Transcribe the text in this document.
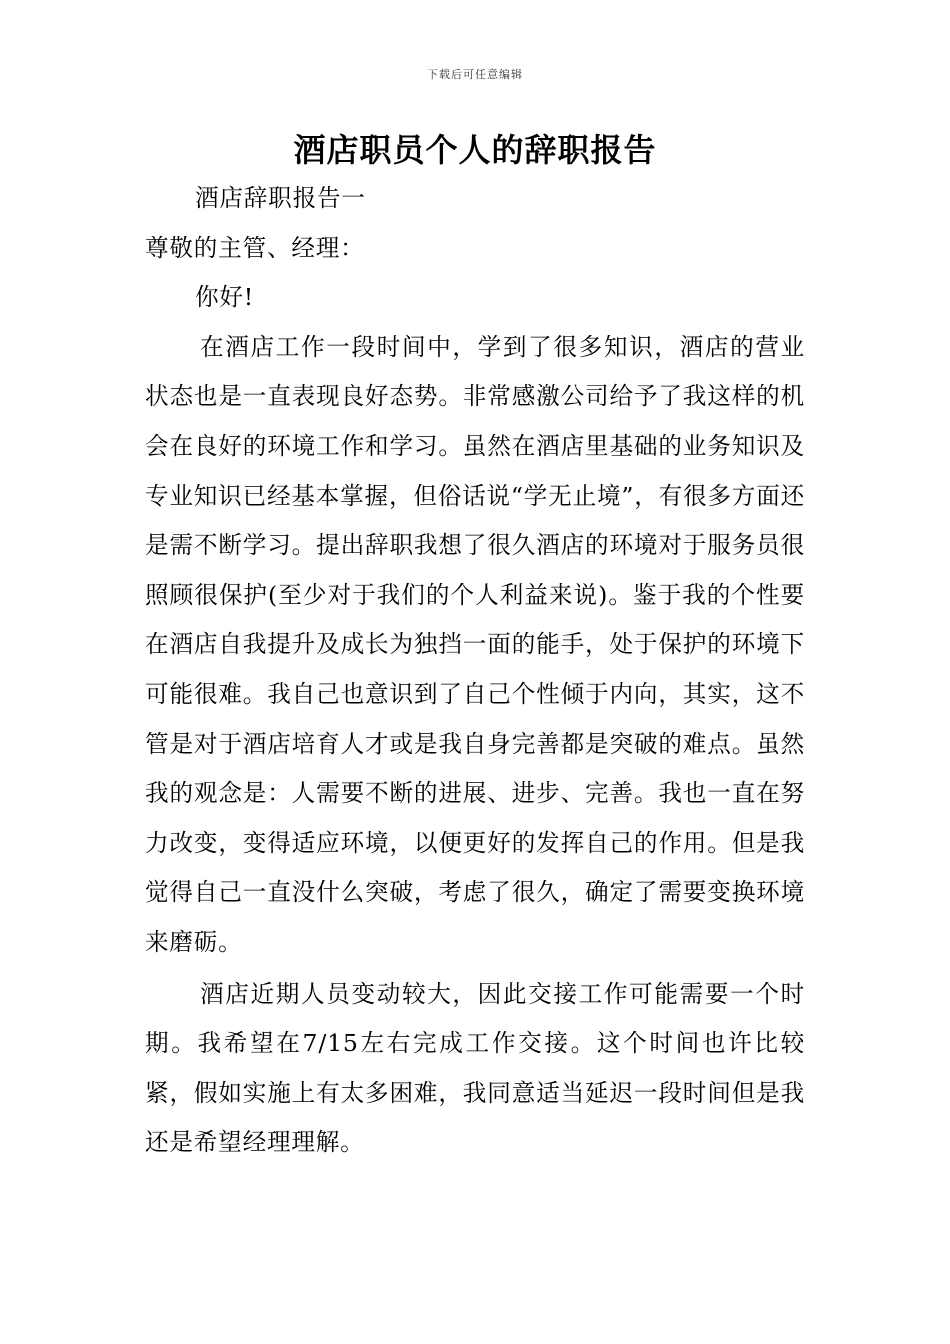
下载后可任意编辑
酒店职员个人的辞职报告

酒店辞职报告一

尊敬的主管、经理：

你好!

在酒店工作一段时间中，学到了很多知识，酒店的营业状态也是一直表现良好态势。非常感激公司给予了我这样的机会在良好的环境工作和学习。虽然在酒店里基础的业务知识及专业知识已经基本掌握，但俗话说“学无止境”，有很多方面还是需不断学习。提出辞职我想了很久酒店的环境对于服务员很照顾很保护(至少对于我们的个人利益来说)。鉴于我的个性要在酒店自我提升及成长为独挡一面的能手，处于保护的环境下可能很难。我自己也意识到了自己个性倾于内向，其实，这不管是对于酒店培育人才或是我自身完善都是突破的难点。虽然我的观念是：人需要不断的进展、进步、完善。我也一直在努力改变，变得适应环境，以便更好的发挥自己的作用。但是我觉得自己一直没什么突破，考虑了很久，确定了需要变换环境来磨砺。

酒店近期人员变动较大，因此交接工作可能需要一个时期。我希望在7/15左右完成工作交接。这个时间也许比较紧，假如实施上有太多困难，我同意适当延迟一段时间但是我还是希望经理理解。
